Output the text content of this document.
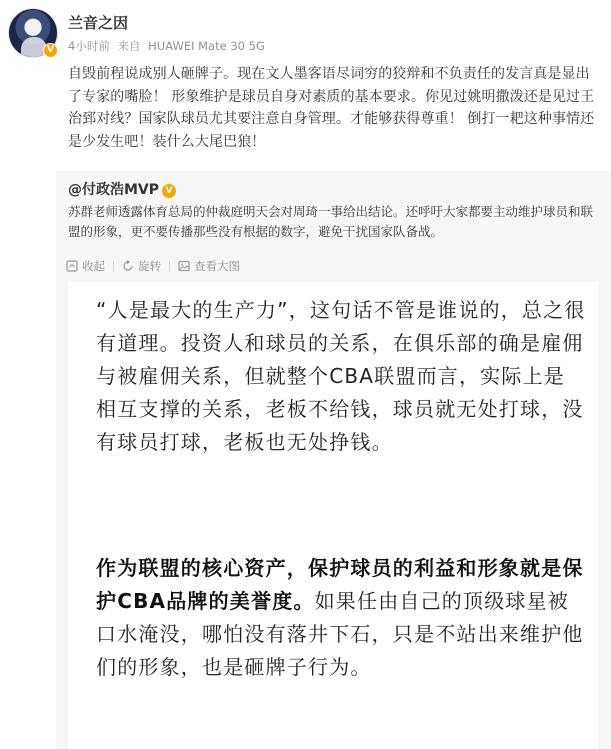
V
兰音之因
4小时前 来自 HUAWEI Mate 30 5G
自毁前程说成别人砸牌子。现在文人墨客语尽词穷的狡辩和不负责任的发言真是显出了专家的嘴脸！ 形象维护是球员自身对素质的基本要求。你见过姚明撒泼还是见过王治郅对线？国家队球员尤其要注意自身管理。才能够获得尊重！ 倒打一耙这种事情还是少发生吧！装什么大尾巴狼！
@付政浩MVP V
苏群老师透露体育总局的仲裁庭明天会对周琦一事给出结论。还呼吁大家都要主动维护球员和联盟的形象，更不要传播那些没有根据的数字，避免干扰国家队备战。
收起	旋转	查看大图
“人是最大的生产力”，这句话不管是谁说的，总之很有道理。投资人和球员的关系，在俱乐部的确是雇佣与被雇佣关系，但就整个CBA联盟而言，实际上是相互支撑的关系，老板不给钱，球员就无处打球，没有球员打球，老板也无处挣钱。
作为联盟的核心资产，保护球员的利益和形象就是保护CBA品牌的美誉度。如果任由自己的顶级球星被口水淹没，哪怕没有落井下石，只是不站出来维护他们的形象，也是砸牌子行为。
